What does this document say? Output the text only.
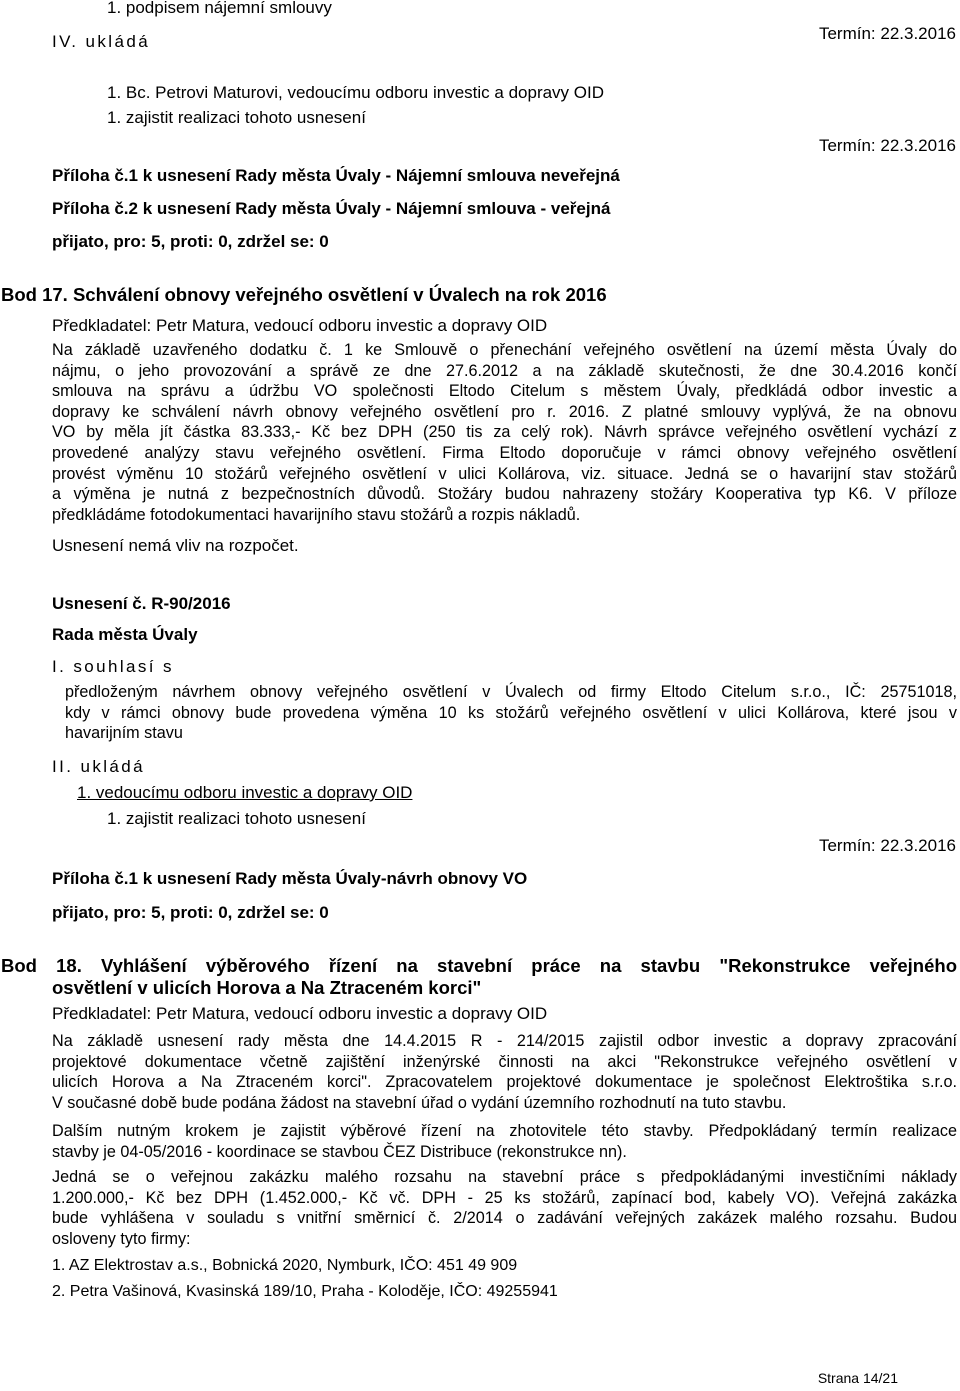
1. podpisem nájemní smlouvy
IV. ukládá
1. Bc. Petrovi Maturovi, vedoucímu odboru investic a dopravy OID
1. zajistit realizaci tohoto usnesení
Termín: 22.3.2016
Termín: 22.3.2016
Příloha č.1 k usnesení Rady města Úvaly - Nájemní smlouva neveřejná
Příloha č.2 k usnesení Rady města Úvaly - Nájemní smlouva - veřejná
přijato, pro: 5, proti: 0, zdržel se: 0
Bod 17. Schválení obnovy veřejného osvětlení v Úvalech na rok 2016
Předkladatel: Petr Matura, vedoucí odboru investic a dopravy OID
Na základě uzavřeného dodatku č. 1 ke Smlouvě o přenechání veřejného osvětlení na území města Úvaly do
nájmu, o jeho provozování a správě ze dne 27.6.2012 a na základě skutečnosti, že dne 30.4.2016 končí
smlouva na správu a údržbu VO společnosti Eltodo Citelum s městem Úvaly, předkládá odbor investic a
dopravy ke schválení návrh obnovy veřejného osvětlení pro r. 2016. Z platné smlouvy vyplývá, že na obnovu
VO by měla jít částka 83.333,- Kč bez DPH (250 tis za celý rok). Návrh správce veřejného osvětlení vychází z
provedené analýzy stavu veřejného osvětlení. Firma Eltodo doporučuje v rámci obnovy veřejného osvětlení
provést výměnu 10 stožárů veřejného osvětlení v ulici Kollárova, viz. situace. Jedná se o havarijní stav stožárů
a výměna je nutná z bezpečnostních důvodů. Stožáry budou nahrazeny stožáry Kooperativa typ K6. V příloze
předkládáme fotodokumentaci havarijního stavu stožárů a rozpis nákladů.
Usnesení nemá vliv na rozpočet.
Usnesení č. R-90/2016
Rada města Úvaly
I. souhlasí s
předloženým návrhem obnovy veřejného osvětlení v Úvalech od firmy Eltodo Citelum s.r.o., IČ: 25751018,
kdy v rámci obnovy bude provedena výměna 10 ks stožárů veřejného osvětlení v ulici Kollárova, které jsou v
havarijním stavu
II. ukládá
1. vedoucímu odboru investic a dopravy OID
1. zajistit realizaci tohoto usnesení
Termín: 22.3.2016
Příloha č.1 k usnesení Rady města Úvaly-návrh obnovy VO
přijato, pro: 5, proti: 0, zdržel se: 0
Bod 18. Vyhlášení výběrového řízení na stavební práce na stavbu "Rekonstrukce veřejného
osvětlení v ulicích Horova a Na Ztraceném korci"
Předkladatel: Petr Matura, vedoucí odboru investic a dopravy OID
Na základě usnesení rady města dne 14.4.2015 R - 214/2015 zajistil odbor investic a dopravy zpracování
projektové dokumentace včetně zajištění inženýrské činnosti na akci "Rekonstrukce veřejného osvětlení v
ulicích Horova a Na Ztraceném korci". Zpracovatelem projektové dokumentace je společnost Elektroštika s.r.o.
V současné době bude podána žádost na stavební úřad o vydání územního rozhodnutí na tuto stavbu.
Dalším nutným krokem je zajistit výběrové řízení na zhotovitele této stavby. Předpokládaný termín realizace
stavby je 04-05/2016 - koordinace se stavbou ČEZ Distribuce (rekonstrukce nn).
Jedná se o veřejnou zakázku malého rozsahu na stavební práce s předpokládanými investičními náklady
1.200.000,- Kč bez DPH (1.452.000,- Kč vč. DPH - 25 ks stožárů, zapínací bod, kabely VO). Veřejná zakázka
bude vyhlášena v souladu s vnitřní směrnicí č. 2/2014 o zadávání veřejných zakázek malého rozsahu. Budou
osloveny tyto firmy:
1. AZ Elektrostav a.s., Bobnická 2020, Nymburk, IČO: 451 49 909
2. Petra Vašinová, Kvasinská 189/10, Praha - Koloděje, IČO: 49255941
Strana 14/21
